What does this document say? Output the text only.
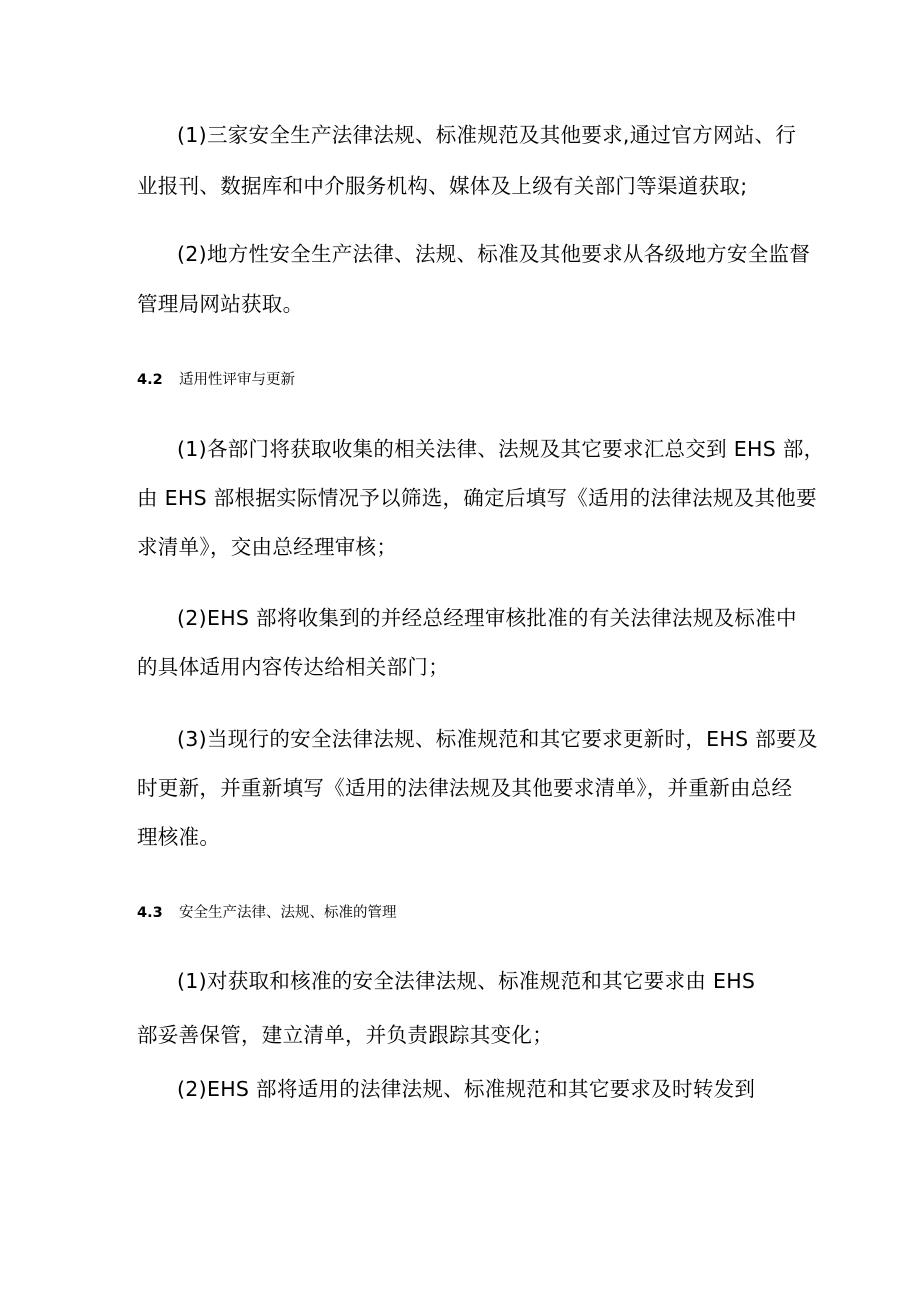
(1)三家安全生产法律法规、标准规范及其他要求,通过官方网站、行

业报刊、数据库和中介服务机构、媒体及上级有关部门等渠道获取;

(2)地方性安全生产法律、法规、标准及其他要求从各级地方安全监督

管理局网站获取。

4.2 适用性评审与更新

(1)各部门将获取收集的相关法律、法规及其它要求汇总交到 EHS 部，

由 EHS 部根据实际情况予以筛选，确定后填写《适用的法律法规及其他要

求清单》，交由总经理审核；

(2)EHS 部将收集到的并经总经理审核批准的有关法律法规及标准中

的具体适用内容传达给相关部门；

(3)当现行的安全法律法规、标准规范和其它要求更新时，EHS 部要及

时更新，并重新填写《适用的法律法规及其他要求清单》，并重新由总经

理核准。

4.3 安全生产法律、法规、标准的管理

(1)对获取和核准的安全法律法规、标准规范和其它要求由 EHS

部妥善保管，建立清单，并负责跟踪其变化；

(2)EHS 部将适用的法律法规、标准规范和其它要求及时转发到
